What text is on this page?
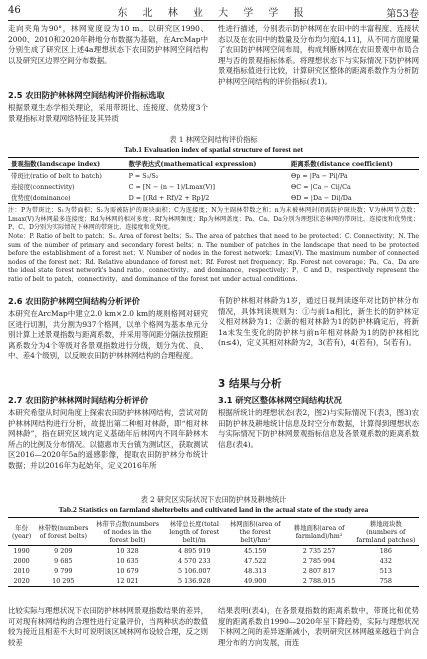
46	东 北 林 业 大 学 学 报	第53卷
走向夹角为90°，林网宽度设为10 m。以研究区1990、2000、2010和2020年耕地分布数据为基础，在ArcMap中分别生成了研究区上述4a理想状态下农田防护林网空间结构以及研究区边界空间分布数据。
2.5 农田防护林林网空间结构评价指标选取
根据景观生态学相关理论，采用带斑比、连接度、优势度3个景观指标对景观网络特征及其异质
性进行描述，分别表示防护林网在农田中的丰富程度、连接状态以及在农田中的数量及分布均匀度[4,11]，从不同方面度量了农田防护林网空间布局，构成判断林网在农田景观中布局合理与否的景观指标体系。将理想状态下与实际情况下防护林网景观指标值进行比较，计算研究区整体的距离系数作为分析防护林网空间结构的评价指标(表1)。
表 1 林网空间结构评价指标
Tab.1 Evaluation index of spatial structure of forest net
景观指数(landscape index)	数学表达式(mathematical expression)	距离系数(distance coefficient)
带斑比(ratio of belt to batch)	P = S₁/S₂	Θp = |Pa − Pi|/Pa
连接度(connectivity)	C = [N − (n − 1)/Lmax(V)]	ΘC = |Ca − Ci|/Ca
优势度(dominance)	D = [(Rd + Rf)/2 + Rp]/2	ΘD = |Da − Di|/Da
注：P为带斑比；S₁为带面积；S₂为需被防护的斑块面积；C为连接度；N为主副林带数之和；n为未被林网封闭需防护斑块数；V为林网节点数；Lmax(V)为林网最多连接度；Rd为林网的相对多度；Rf为林网频度；Rp为林网盖度；Pa、Ca、Da分别为理想状态林网的带斑比、连接度和优势度；P、C、D分别为实际情况下林网的带斑比、连接度和优势度。
Note：P. Ratio of belt to patch；S₁. Area of forest belts；S₂. The area of patches that need to be protected；C. Connectivity；N. The sum of the number of primary and secondary forest belts；n. The number of patches in the landscape that need to be protected before the establishment of a forest net；V. Number of nodes in the forest network；Lmax(V). The maximum number of connected nodes of the forest net；Rd. Relative abundance of forest net；Rf. Forest net frequency；Rp. Forest net coverage；Pa、Ca、Da are the ideal state forest network's band ratio，connectivity，and dominance，respectively；P，C and D，respectively represent the ratio of belt to patch，connectivity，and dominance of the forest net under actual conditions.
2.6 农田防护林网空间结构分析评价
本研究在ArcMap中建立2.0 km×2.0 km的规则格网对研究区进行切割，共分割为937个格网，以单个格网为基本单元分别计算上述景观指数与距离系数，并采用等间距分隔法按照距离系数分为4个等级对各景观指数进行分级，划分为优、良、中、差4个级别，以反映农田防护林林网结构的合理程度。
2.7 农田防护林林网时间结构分析评价
本研究希望从时间角度上探索农田防护林林网结构，尝试对防护林林网结构进行分析，故提出第二种相对林龄，即“相对林网林龄”，指在研究区域内定义基础年后林网内不同年龄林木所占的比例及分布情况。以德惠市天台镇为测试区，获取测试区2016—2020年5a的遥感影像，提取农田防护林分布统计数据；并以2016年为起始年，定义2016年所
有防护林相对林龄为1岁，通过日视判读逐年对比防护林分布情况，具体判读规则为：①与前1a相比，新生长的防护林定义相对林龄为1；②新的相对林龄为1的防护林确定后，将新1a未发生变化的防护林与前n年相对林龄为1的防护林相比(n≤4)，定义其相对林龄为2，3(若有)，4(若有)，5(若有)。
3 结果与分析
3.1 研究区整体林网空间结构状况
根据所统计的理想状态(表2，图2)与实际情况下(表3，图3)农田防护林及耕地统计信息及时空分布数据，计算得到理想状态与实际情况下防护林网景观指标信息及各景观系数的距离系数信息(表4)。
表 2 研究区实际状况下农田防护林及耕地统计
Tab.2 Statistics on farmland shelterbelts and cultivated land in the actual state of the study area
年份(year)	林带数(numbers of forest belts)	林带节点数(numbers of nodes in the forest belt)	林带总长度(total length of forest belt)/m	林网面积(area of the forest belt)/hm²	耕地面积(area of farmland)/hm²	耕地斑块数(numbers of farmland patches)
1990	9 209	10 328	4 895 919	45.159	2 735 257	186
2000	9 685	10 635	4 570 233	47.522	2 785 994	432
2010	9 799	10 679	5 106.007	48.313	2 807 817	513
2020	10 295	12 021	5 136.928	49.900	2 788.915	758
比较实际与理想状况下农田防护林林网景观指数结果的差异，可对现有林网结构的合理性进行定量评价，当两种状态的数值较为接近且相差不大时可说明该区域林网布设较合理，反之则较差
结果表明(表4)，在各景观指数的距离系数中，带斑比和优势度的距离系数自1990—2020年呈下降趋势，实际与理想状况下林网之间的差异逐渐减小，表明研究区林网越来越趋于向合理分布的方向发展，而连
